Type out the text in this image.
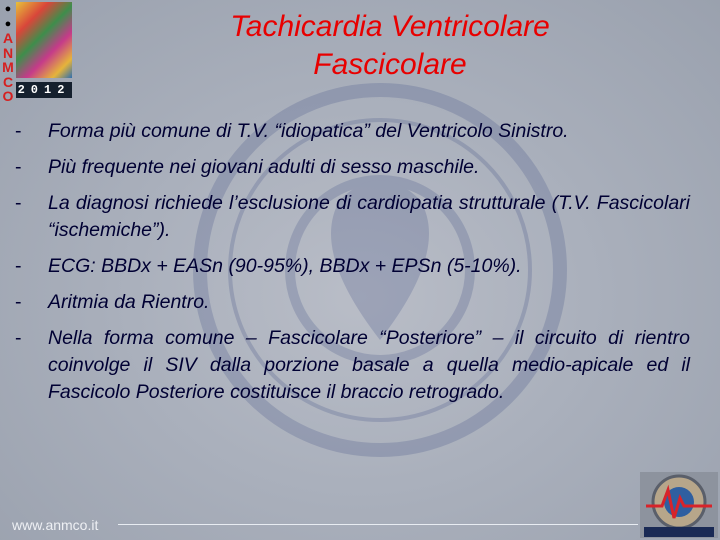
●
●
A
N
M
C
O 2012
Tachicardia Ventricolare
Fascicolare
- Forma più comune di T.V. “idiopatica” del Ventricolo Sinistro.
- Più frequente nei giovani adulti di sesso maschile.
- La diagnosi richiede l’esclusione di cardiopatia strutturale (T.V. Fascicolari “ischemiche”).
- ECG: BBDx + EASn (90-95%), BBDx + EPSn (5-10%).
- Aritmia da Rientro.
- Nella forma comune – Fascicolare “Posteriore” – il circuito di rientro coinvolge il SIV dalla porzione basale a quella medio-apicale ed il Fascicolo Posteriore costituisce il braccio retrogrado.
www.anmco.it
